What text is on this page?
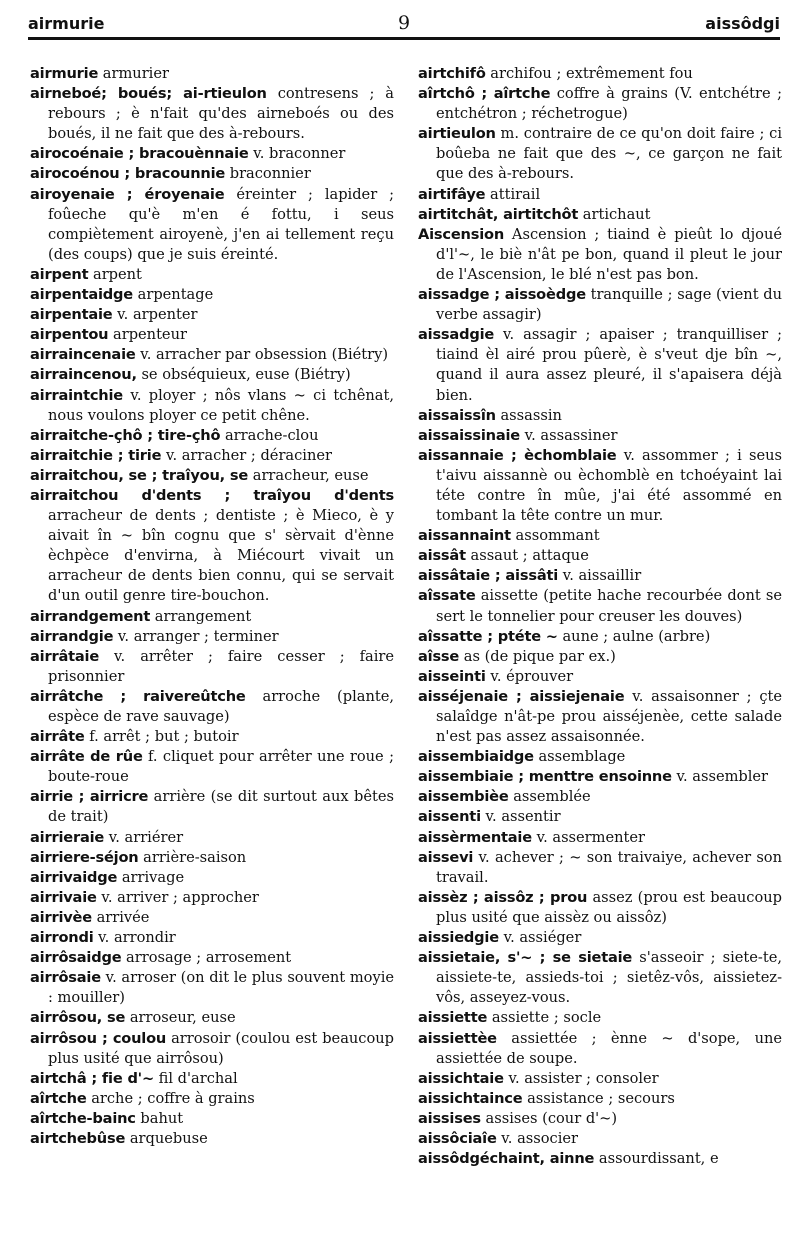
airmurie	9	aissôdgi

airmurie armurier

airneboé; boués; ai-rtieulon contresens ; à rebours ; è n'fait qu'des airneboés ou des boués, il ne fait que des à-rebours.

airocoénaie ; bracouènnaie v. braconner

airocoénou ; bracounnie braconnier

airoyenaie ; éroyenaie éreinter ; lapider ; foûeche qu'è m'en é fottu, i seus compiètement airoyenè, j'en ai tellement reçu (des coups) que je suis éreinté.

airpent arpent

airpentaidge arpentage

airpentaie v. arpenter

airpentou arpenteur

airraincenaie v. arracher par obsession (Biétry)

airraincenou, se obséquieux, euse (Biétry)

airraintchie v. ployer ; nôs vlans ~ ci tchênat, nous voulons ployer ce petit chêne.

airraitche-çhô ; tire-çhô arrache-clou

airraitchie ; tirie v. arracher ; déraciner

airraitchou, se ; traîyou, se arracheur, euse

airraitchou d'dents ; traîyou d'dents arracheur de dents ; dentiste ; è Mieco, è y aivait în ~ bîn cognu que s' sèrvait d'ènne èchpèce d'envirna, à Miécourt vivait un arracheur de dents bien connu, qui se servait d'un outil genre tire-bouchon.

airrandgement arrangement

airrandgie v. arranger ; terminer

airrâtaie v. arrêter ; faire cesser ; faire prisonnier

airrâtche ; raivereûtche arroche (plante, espèce de rave sauvage)

airrâte f. arrêt ; but ; butoir

airrâte de rûe f. cliquet pour arrêter une roue ; boute-roue

airrie ; airricre arrière (se dit surtout aux bêtes de trait)

airrieraie v. arriérer

airriere-séjon arrière-saison

airrivaidge arrivage

airrivaie v. arriver ; approcher

airrivèe arrivée

airrondi v. arrondir

airrôsaidge arrosage ; arrosement

airrôsaie v. arroser (on dit le plus souvent moyie : mouiller)

airrôsou, se arroseur, euse

airrôsou ; coulou arrosoir (coulou est beaucoup plus usité que airrôsou)

airtchâ ; fie d'~ fil d'archal

aîrtche arche ; coffre à grains

aîrtche-bainc bahut

airtchebûse arquebuse

airtchifô archifou ; extrêmement fou

aîrtchô ; aîrtche coffre à grains (V. entchétre ; entchétron ; réchetrogue)

airtieulon m. contraire de ce qu'on doit faire ; ci boûeba ne fait que des ~, ce garçon ne fait que des à-rebours.

airtifâye attirail

airtitchât, airtitchôt artichaut

Aiscension Ascension ; tiaind è pieût lo djoué d'l'~, le biè n'ât pe bon, quand il pleut le jour de l'Ascension, le blé n'est pas bon.

aissadge ; aissoèdge tranquille ; sage (vient du verbe assagir)

aissadgie v. assagir ; apaiser ; tranquilliser ; tiaind èl airé prou pûerè, è s'veut dje bîn ~, quand il aura assez pleuré, il s'apaisera déjà bien.

aissaissîn assassin

aissaissinaie v. assassiner

aissannaie ; èchomblaie v. assommer ; i seus t'aivu aissannè ou èchomblè en tchoéyaint lai téte contre în mûe, j'ai été assommé en tombant la tête contre un mur.

aissannaint assommant

aissât assaut ; attaque

aissâtaie ; aissâti v. aissaillir

aîssate aissette (petite hache recourbée dont se sert le tonnelier pour creuser les douves)

aîssatte ; ptéte ~ aune ; aulne (arbre)

aîsse as (de pique par ex.)

aisseinti v. éprouver

aisséjenaie ; aissiejenaie v. assaisonner ; çte salaîdge n'ât-pe prou aisséjenèe, cette salade n'est pas assez assaisonnée.

aissembiaidge assemblage

aissembiaie ; menttre ensoinne v. assembler

aissembièe assemblée

aissenti v. assentir

aissèrmentaie v. assermenter

aissevi v. achever ; ~ son traivaiye, achever son travail.

aissèz ; aissôz ; prou assez (prou est beaucoup plus usité que aissèz ou aissôz)

aissiedgie v. assiéger

aissietaie, s'~ ; se sietaie s'asseoir ; siete-te, aissiete-te, assieds-toi ; sietêz-vôs, aissietez-vôs, asseyez-vous.

aissiette assiette ; socle

aissiettèe assiettée ; ènne ~ d'sope, une assiettée de soupe.

aissichtaie v. assister ; consoler

aissichtaince assistance ; secours

aissises assises (cour d'~)

aissôciaîe v. associer

aissôdgéchaint, ainne assourdissant, e
